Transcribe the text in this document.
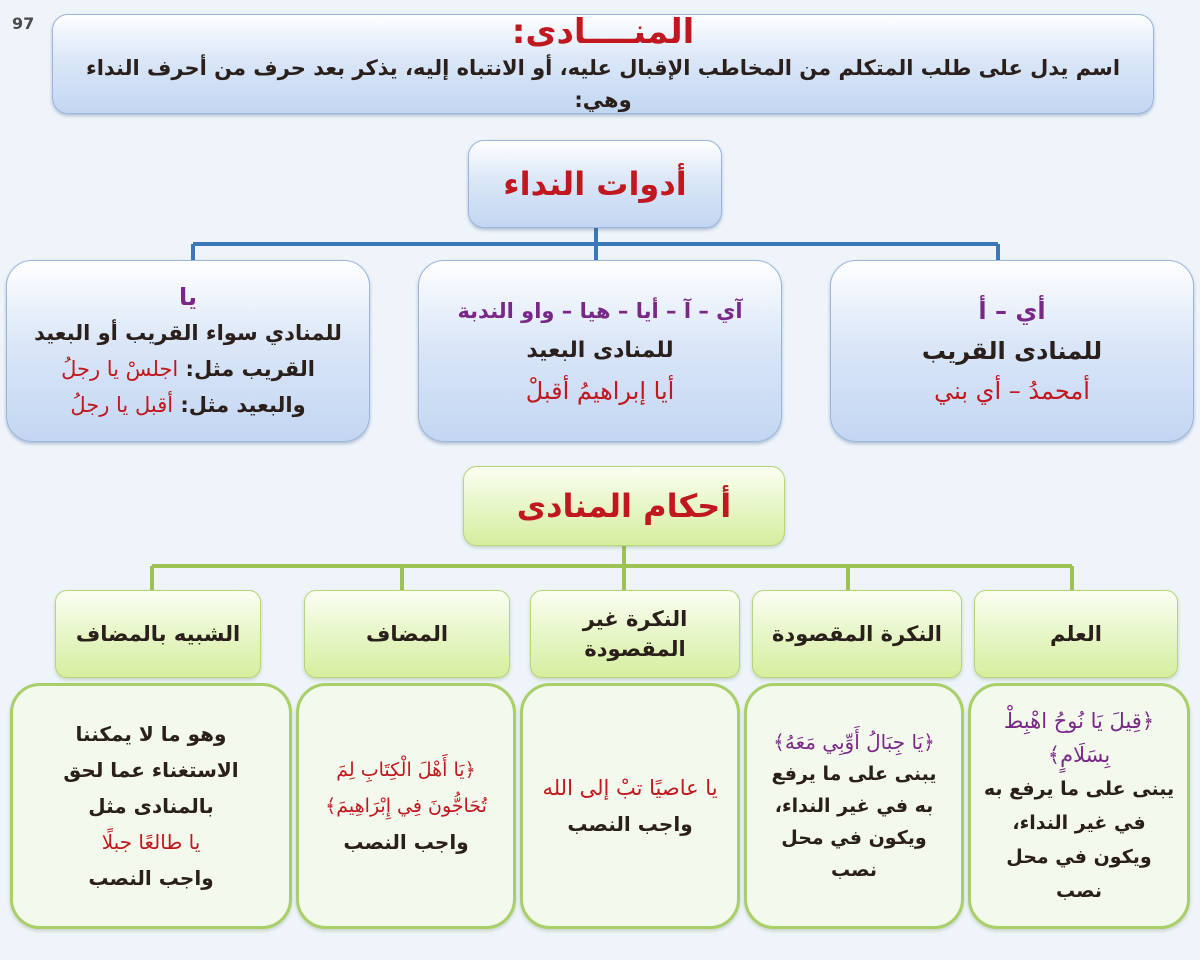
97	المنــــادى:
اسم يدل على طلب المتكلم من المخاطب الإقبال عليه، أو الانتباه إليه، يذكر بعد حرف من أحرف النداء وهي:
أدوات النداء
أي – أ
للمنادى القريب
أمحمدُ – أي بني
آي – آ – أيا – هيا – واو الندبة
للمنادى البعيد
أيا إبراهيمُ أقبلْ
يا
للمنادي سواء القريب أو البعيد
القريب مثل: اجلسْ يا رجلُ
والبعيد مثل: أقبل يا رجلُ
أحكام المنادى
العلم
النكرة المقصودة
النكرة غير المقصودة
المضاف
الشبيه بالمضاف
﴿قِيلَ يَا نُوحُ اهْبِطْ بِسَلَامٍ﴾
يبنى على ما يرفع به
في غير النداء،
ويكون في محل نصب
﴿يَا جِبَالُ أَوِّبِي مَعَهُ﴾
يبنى على ما يرفع
به في غير النداء،
ويكون في محل
نصب
يا عاصيًا تبْ إلى الله
واجب النصب
﴿يَا أَهْلَ الْكِتَابِ لِمَ تُحَاجُّونَ فِي إِبْرَاهِيمَ﴾
واجب النصب
وهو ما لا يمكننا
الاستغناء عما لحق
بالمنادى مثل
يا طالعًا جبلًا
واجب النصب
